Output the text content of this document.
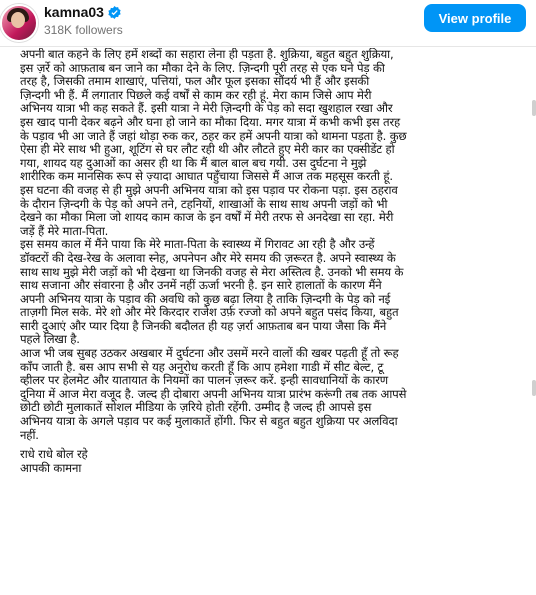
kamna03
318K followers
View profile
अपनी बात कहने के लिए हमें शब्दों का सहारा लेना ही पड़ता है. शुक्रिया, बहुत बहुत शुक्रिया,
इस ज़र्रे को आफ़ताब बन जाने का मौका देने के लिए. ज़िन्दगी पूरी तरह से एक घने पेड़ की
तरह है, जिसकी तमाम शाखाएं, पत्तियां, फल और फूल इसका सौंदर्य भी हैं और इसकी
ज़िन्दगी भी हैं. मैं लगातार पिछले कई वर्षों से काम कर रही हूं. मेरा काम जिसे आप मेरी
अभिनय यात्रा भी कह सकते हैं. इसी यात्रा ने मेरी ज़िन्दगी के पेड़ को सदा खुशहाल रखा और
इस खाद पानी देकर बढ़ने और घना हो जाने का मौका दिया. मगर यात्रा में कभी कभी इस तरह
के पड़ाव भी आ जाते हैं जहां थोड़ा रुक कर, ठहर कर हमें अपनी यात्रा को थामना पड़ता है. कुछ
ऐसा ही मेरे साथ भी हुआ, शूटिंग से घर लौट रही थी और लौटते हुए मेरी कार का एक्सीडेंट हो
गया, शायद यह दुआओं का असर ही था कि मैं बाल बाल बच गयी. उस दुर्घटना ने मुझे
शारीरिक कम मानसिक रूप से ज़्यादा आघात पहुँचाया जिससे मैं आज तक महसूस करती हूं.
इस घटना की वजह से ही मुझे अपनी अभिनय यात्रा को इस पड़ाव पर रोकना पड़ा. इस ठहराव
के दौरान ज़िन्दगी के पेड़ को अपने तने, टहनियों, शाखाओं के साथ साथ अपनी जड़ों को भी
देखने का मौका मिला जो शायद काम काज के इन वर्षों में मेरी तरफ से अनदेखा सा रहा. मेरी
जड़ें हैं मेरे माता-पिता.
इस समय काल में मैंने पाया कि मेरे माता-पिता के स्वास्थ्य में गिरावट आ रही है और उन्हें
डॉक्टरों की देख-रेख के अलावा स्नेह, अपनेपन और मेरे समय की ज़रूरत है. अपने स्वास्थ्य के
साथ साथ मुझे मेरी जड़ों को भी देखना था जिनकी वजह से मेरा अस्तित्व है. उनको भी समय के
साथ सजाना और संवारना है और उनमें नहीं ऊर्जा भरनी है. इन सारे हालातों के कारण मैंने
अपनी अभिनय यात्रा के पड़ाव की अवधि को कुछ बढ़ा लिया है ताकि ज़िन्दगी के पेड़ को नई
ताज़गी मिल सके. मेरे शो और मेरे किरदार राजेश उर्फ़ रज्जो को अपने बहुत पसंद किया, बहुत
सारी दुआएं और प्यार दिया है जिनकी बदौलत ही यह ज़र्रा आफ़ताब बन पाया जैसा कि मैंने
पहले लिखा है.
आज भी जब सुबह उठकर अखबार में दुर्घटना और उसमें मरने वालों की खबर पढ़ती हूँ तो रूह
काँप जाती है. बस आप सभी से यह अनुरोध करती हूँ कि आप हमेशा गाडी में सीट बेल्ट, टू
व्हीलर पर हेलमेट और यातायात के नियमों का पालन ज़रूर करें. इन्ही सावधानियों के कारण
दुनिया में आज मेरा वजूद है. जल्द ही दोबारा अपनी अभिनय यात्रा प्रारंभ करूंगी तब तक आपसे
छोटी छोटी मुलाकातें सोशल मीडिया के ज़रिये होती रहेंगी. उम्मीद है जल्द ही आपसे इस
अभिनय यात्रा के अगले पड़ाव पर कई मुलाकातें होंगी. फिर से बहुत बहुत शुक्रिया पर अलविदा
नहीं.
राधे राधे बोल रहे
आपकी कामना
